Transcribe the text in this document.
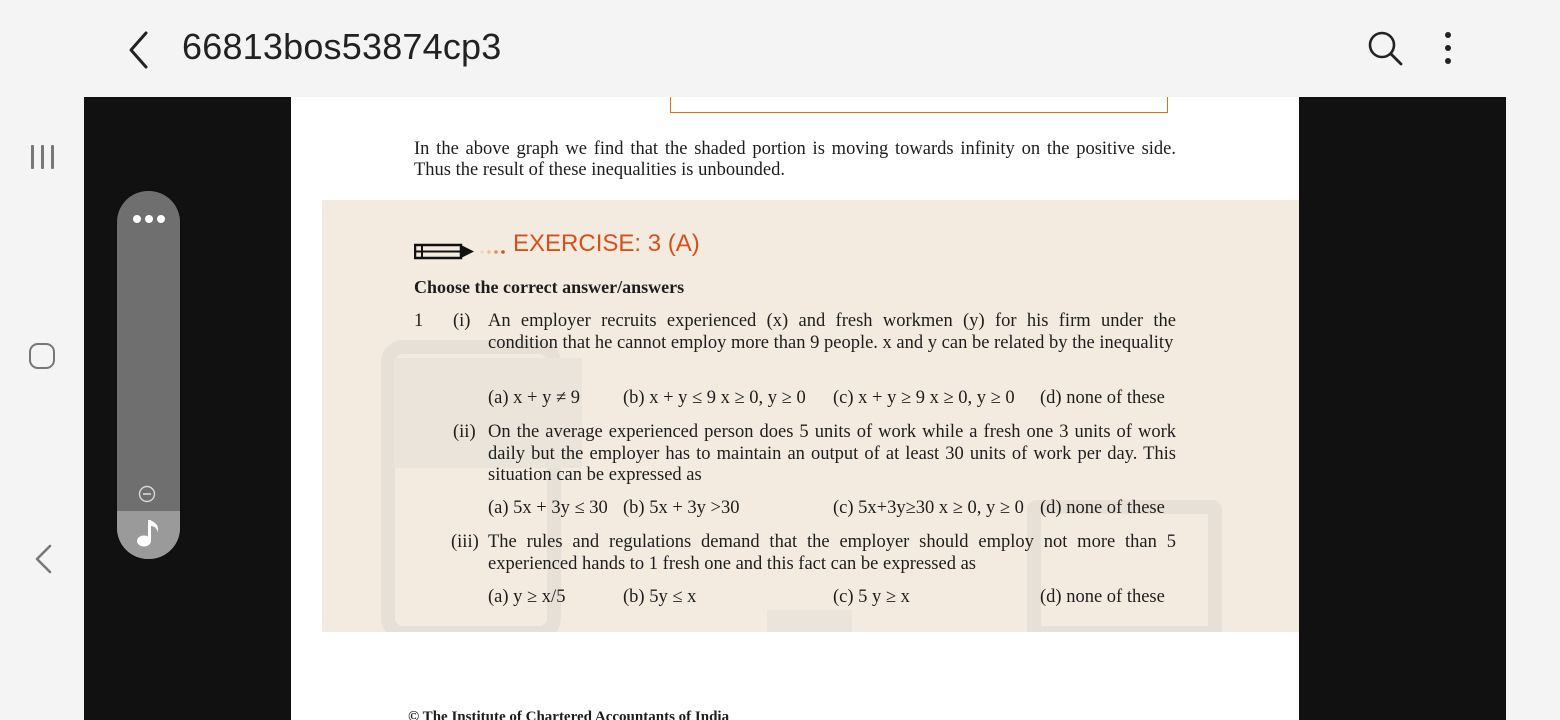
66813bos53874cp3
In the above graph we find that the shaded portion is moving towards infinity on the positive side. Thus the result of these inequalities is unbounded.
EXERCISE: 3 (A)
Choose the correct answer/answers
1 (i) An employer recruits experienced (x) and fresh workmen (y) for his firm under the condition that he cannot employ more than 9 people. x and y can be related by the inequality
(a) x + y ≠ 9 (b) x + y ≤ 9 x ≥ 0, y ≥ 0 (c) x + y ≥ 9 x ≥ 0, y ≥ 0 (d) none of these
(ii) On the average experienced person does 5 units of work while a fresh one 3 units of work daily but the employer has to maintain an output of at least 30 units of work per day. This situation can be expressed as
(a) 5x + 3y ≤ 30 (b) 5x + 3y >30	(c) 5x+3y≥30 x ≥ 0, y ≥ 0 (d) none of these
(iii) The rules and regulations demand that the employer should employ not more than 5 experienced hands to 1 fresh one and this fact can be expressed as
(a) y ≥ x/5	(b) 5y ≤ x	(c) 5 y ≥ x	(d) none of these
© The Institute of Chartered Accountants of India
